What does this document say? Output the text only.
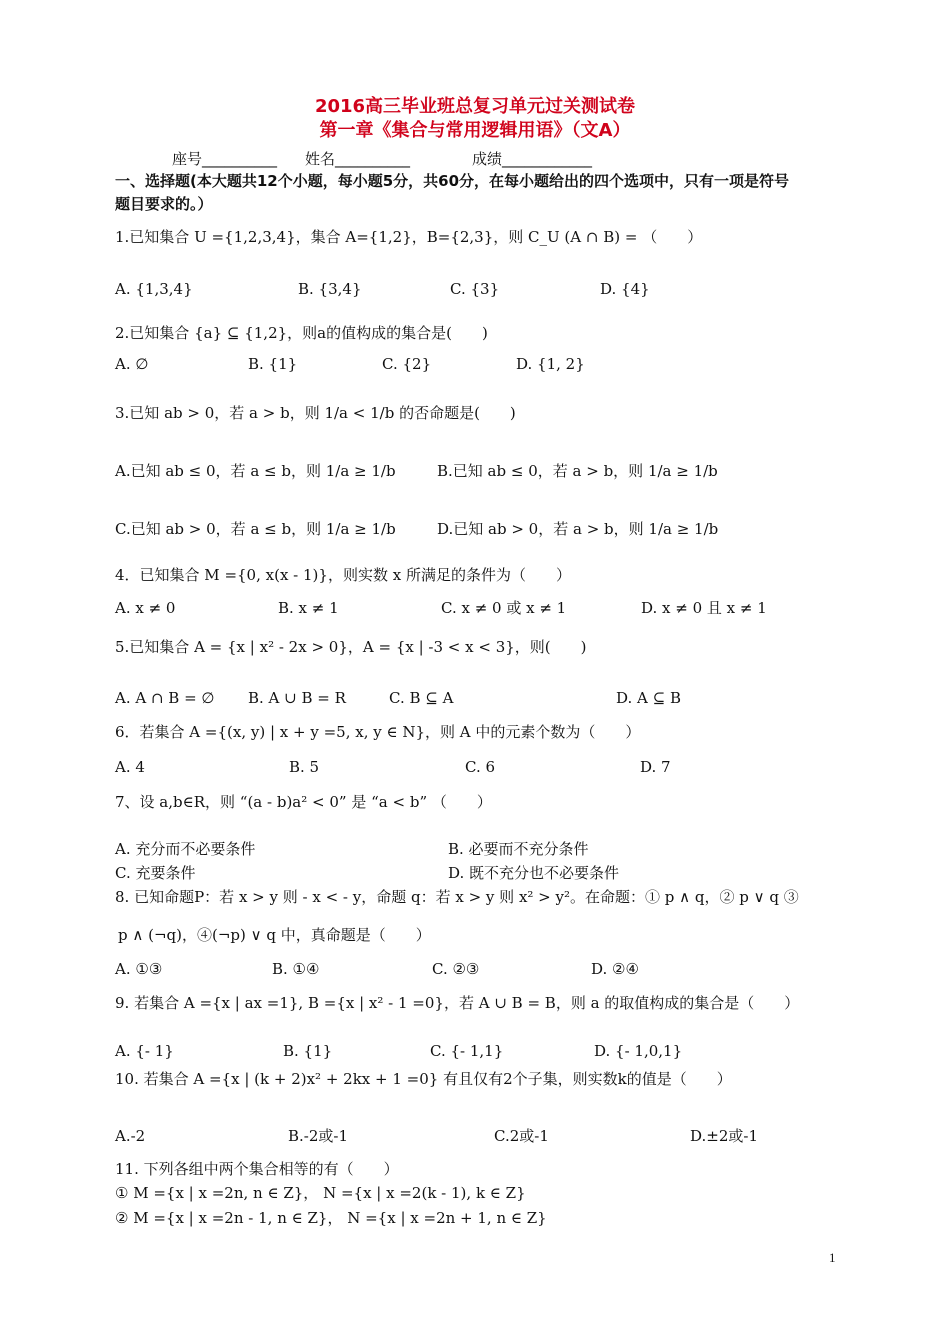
2016高三毕业班总复习单元过关测试卷
第一章《集合与常用逻辑用语》（文A）
座号__________ 姓名__________	成绩____________
一、选择题(本大题共12个小题，每小题5分，共60分，在每小题给出的四个选项中，只有一项是符号
题目要求的。）
1.已知集合 U ={1,2,3,4}，集合 A={1,2}，B={2,3}，则 C_U (A ∩ B) = （　　）
A. {1,3,4}	B. {3,4}	C. {3}	D. {4}
2.已知集合 {a} ⊆ {1,2}，则a的值构成的集合是(　　)
A. ∅	B. {1}	C. {2}	D. {1, 2}
3.已知 ab > 0，若 a > b，则 1/a < 1/b 的否命题是(　　)
A.已知 ab ≤ 0，若 a ≤ b，则 1/a ≥ 1/b	B.已知 ab ≤ 0，若 a > b，则 1/a ≥ 1/b
C.已知 ab > 0，若 a ≤ b，则 1/a ≥ 1/b	D.已知 ab > 0，若 a > b，则 1/a ≥ 1/b
4．已知集合 M ={0, x(x - 1)}，则实数 x 所满足的条件为（　　）
A. x ≠ 0	B. x ≠ 1	C. x ≠ 0 或 x ≠ 1	D. x ≠ 0 且 x ≠ 1
5.已知集合 A = {x | x² - 2x > 0}，A = {x | -3 < x < 3}，则(　　)
A. A ∩ B = ∅ B. A ∪ B = R	C. B ⊆ A	D. A ⊆ B
6．若集合 A ={(x, y) | x + y =5, x, y ∈ N}，则 A 中的元素个数为（　　）
A. 4	B. 5	C. 6	D. 7
7、设 a,b∈R，则 “(a - b)a² < 0” 是 “a < b” （　　）
A. 充分而不必要条件	B. 必要而不充分条件
C. 充要条件	D. 既不充分也不必要条件
8. 已知命题P：若 x > y 则 - x < - y，命题 q：若 x > y 则 x² > y²。在命题：① p ∧ q，② p ∨ q ③
p ∧ (¬q)，④(¬p) ∨ q 中，真命题是（　　）
A. ①③	B. ①④	C. ②③	D. ②④
9. 若集合 A ={x | ax =1}, B ={x | x² - 1 =0}，若 A ∪ B = B，则 a 的取值构成的集合是（　　）
A. {- 1}	B. {1}	C. {- 1,1}	D. {- 1,0,1}
10. 若集合 A ={x | (k + 2)x² + 2kx + 1 =0} 有且仅有2个子集，则实数k的值是（　　）
A.-2	B.-2或-1	C.2或-1	D.±2或-1
11. 下列各组中两个集合相等的有（　　）
① M ={x | x =2n, n ∈ Z}， N ={x | x =2(k - 1), k ∈ Z}
② M ={x | x =2n - 1, n ∈ Z}， N ={x | x =2n + 1, n ∈ Z}
1
